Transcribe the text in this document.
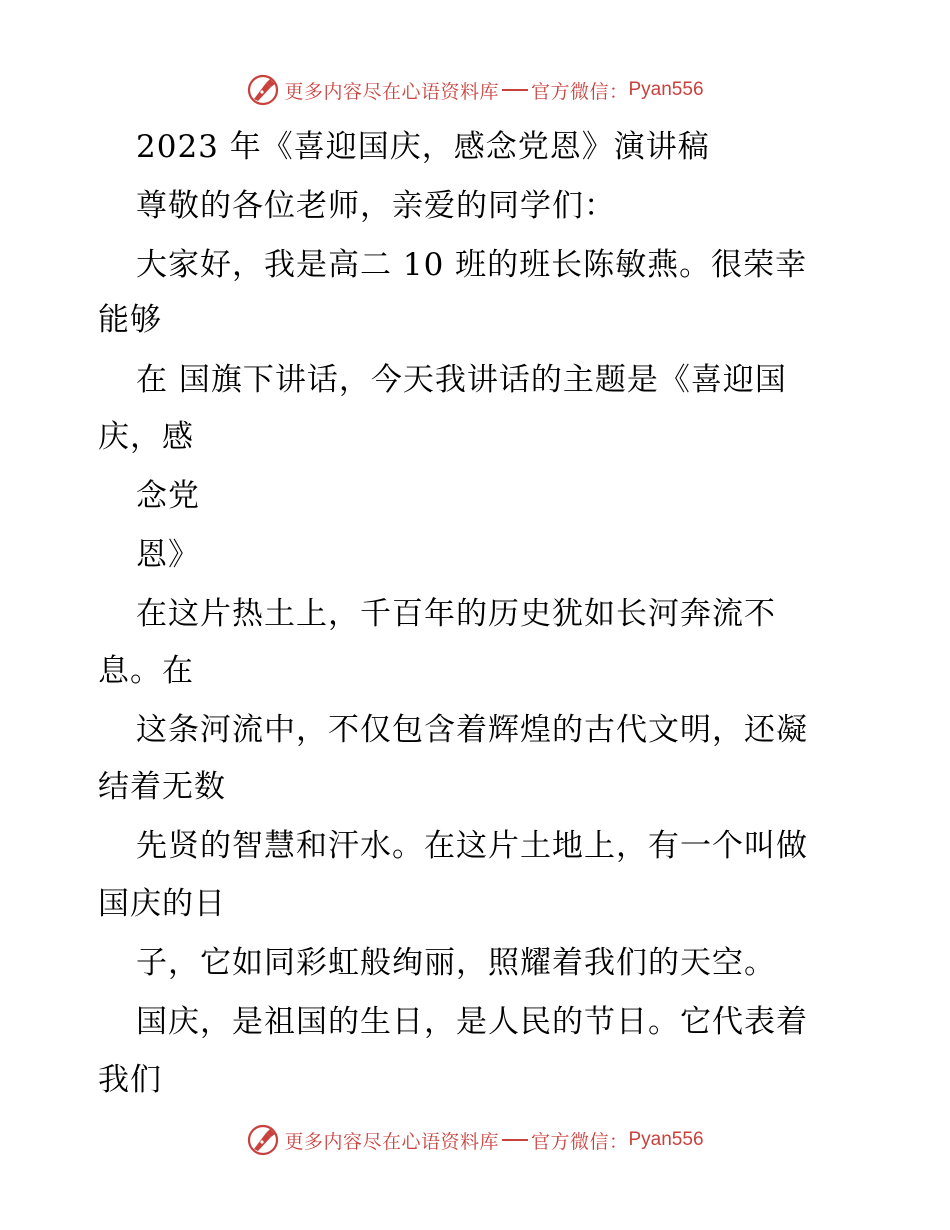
更多内容尽在心语资料库 官方微信： Pyan556
2023 年《喜迎国庆，感念党恩》演讲稿
尊敬的各位老师，亲爱的同学们：
大家好，我是高二 10 班的班长陈敏燕。很荣幸
能够
在 国旗下讲话，今天我讲话的主题是《喜迎国
庆，感
念党
恩》
在这片热土上，千百年的历史犹如长河奔流不
息。在
这条河流中，不仅包含着辉煌的古代文明，还凝
结着无数
先贤的智慧和汗水。在这片土地上，有一个叫做
国庆的日
子，它如同彩虹般绚丽，照耀着我们的天空。
国庆，是祖国的生日，是人民的节日。它代表着
我们
更多内容尽在心语资料库 官方微信： Pyan556
